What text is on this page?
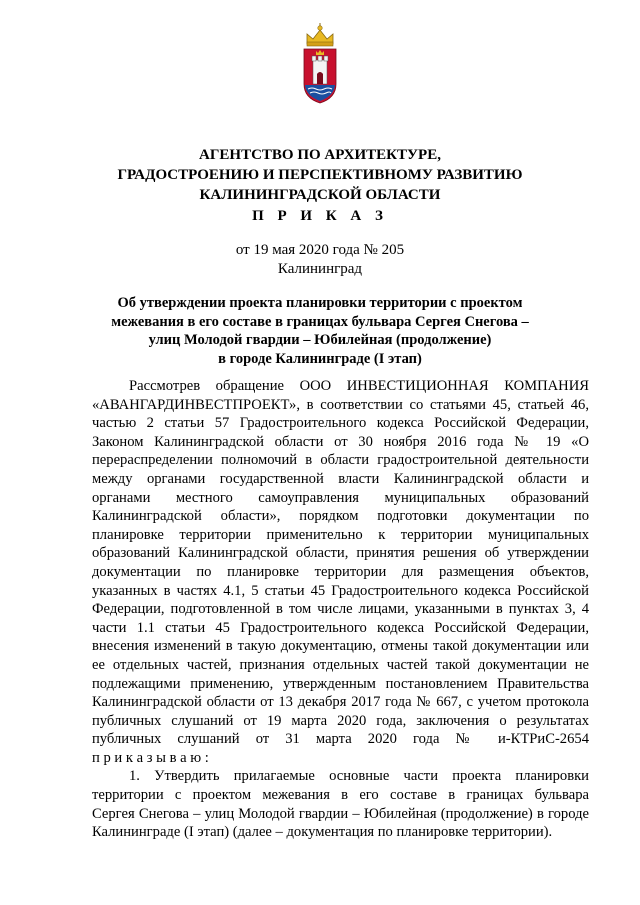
АГЕНТСТВО ПО АРХИТЕКТУРЕ,
ГРАДОСТРОЕНИЮ И ПЕРСПЕКТИВНОМУ РАЗВИТИЮ
КАЛИНИНГРАДСКОЙ ОБЛАСТИ
П Р И К А З
от 19 мая 2020 года № 205
Калининград
Об утверждении проекта планировки территории с проектом
межевания в его составе в границах бульвара Сергея Снегова –
улиц Молодой гвардии – Юбилейная (продолжение)
в городе Калининграде (I этап)
Рассмотрев обращение ООО ИНВЕСТИЦИОННАЯ КОМПАНИЯ
«АВАНГАРДИНВЕСТПРОЕКТ», в соответствии со статьями 45, статьей 46,
частью 2 статьи 57 Градостроительного кодекса Российской Федерации,
Законом Калининградской области от 30 ноября 2016 года № 19 «О
перераспределении полномочий в области градостроительной деятельности
между органами государственной власти Калининградской области и
органами местного самоуправления муниципальных образований
Калининградской области», порядком подготовки документации по
планировке территории применительно к территории муниципальных
образований Калининградской области, принятия решения об утверждении
документации по планировке территории для размещения объектов,
указанных в частях 4.1, 5 статьи 45 Градостроительного кодекса Российской
Федерации, подготовленной в том числе лицами, указанными в пунктах 3, 4
части 1.1 статьи 45 Градостроительного кодекса Российской Федерации,
внесения изменений в такую документацию, отмены такой документации или
ее отдельных частей, признания отдельных частей такой документации не
подлежащими применению, утвержденным постановлением Правительства
Калининградской области от 13 декабря 2017 года № 667, с учетом протокола
публичных слушаний от 19 марта 2020 года, заключения о результатах
публичных слушаний от 31 марта 2020 года № и-КТРиС-2654
п р и к а з ы в а ю :
1. Утвердить прилагаемые основные части проекта планировки
территории с проектом межевания в его составе в границах бульвара
Сергея Снегова – улиц Молодой гвардии – Юбилейная (продолжение) в городе
Калининграде (I этап) (далее – документация по планировке территории).
